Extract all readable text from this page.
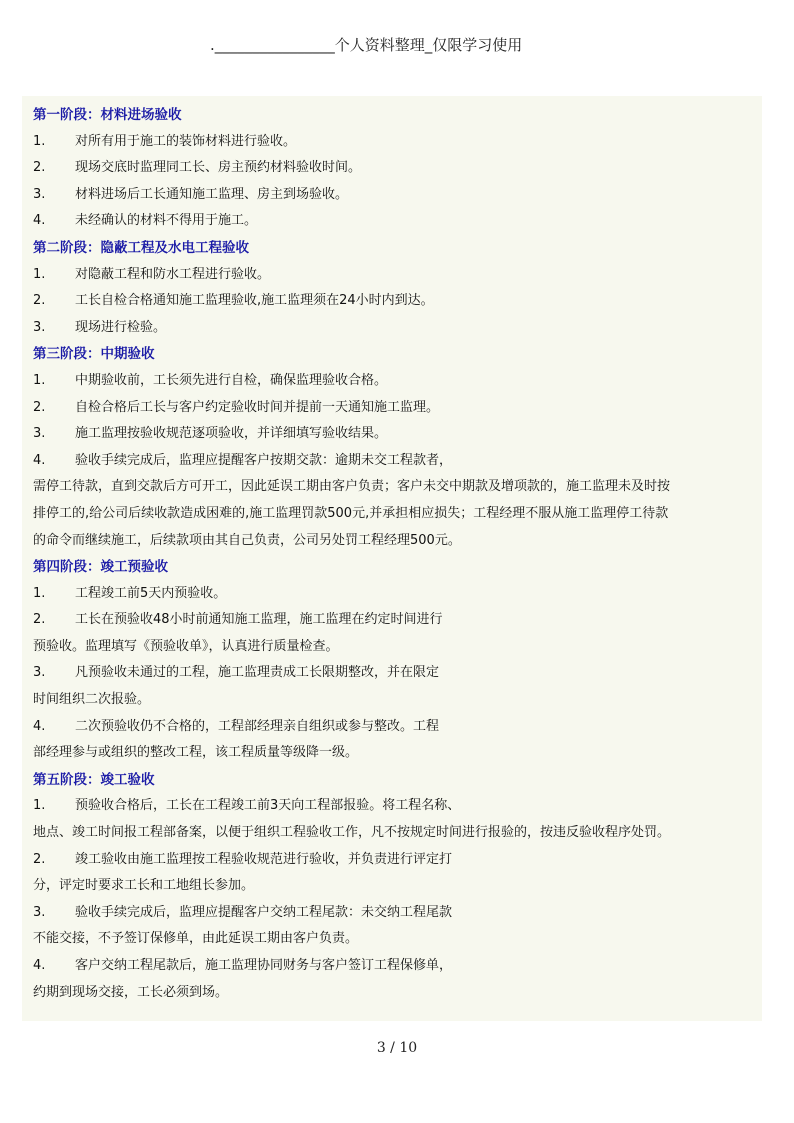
.________________个人资料整理_仅限学习使用
第一阶段：材料进场验收
1. 对所有用于施工的装饰材料进行验收。
2. 现场交底时监理同工长、房主预约材料验收时间。
3. 材料进场后工长通知施工监理、房主到场验收。
4. 未经确认的材料不得用于施工。
第二阶段：隐蔽工程及水电工程验收
1. 对隐蔽工程和防水工程进行验收。
2. 工长自检合格通知施工监理验收,施工监理须在24小时内到达。
3. 现场进行检验。
第三阶段：中期验收
1. 中期验收前，工长须先进行自检，确保监理验收合格。
2. 自检合格后工长与客户约定验收时间并提前一天通知施工监理。
3. 施工监理按验收规范逐项验收，并详细填写验收结果。
4. 验收手续完成后，监理应提醒客户按期交款：逾期未交工程款者，
需停工待款，直到交款后方可开工，因此延误工期由客户负责；客户未交中期款及增项款的，施工监理未及时按
排停工的,给公司后续收款造成困难的,施工监理罚款500元,并承担相应损失；工程经理不服从施工监理停工待款
的命令而继续施工，后续款项由其自己负责，公司另处罚工程经理500元。
第四阶段：竣工预验收
1. 工程竣工前5天内预验收。
2. 工长在预验收48小时前通知施工监理，施工监理在约定时间进行
预验收。监理填写《预验收单》，认真进行质量检查。
3. 凡预验收未通过的工程，施工监理责成工长限期整改，并在限定
时间组织二次报验。
4. 二次预验收仍不合格的，工程部经理亲自组织或参与整改。工程
部经理参与或组织的整改工程，该工程质量等级降一级。
第五阶段：竣工验收
1. 预验收合格后，工长在工程竣工前3天向工程部报验。将工程名称、
地点、竣工时间报工程部备案，以便于组织工程验收工作，凡不按规定时间进行报验的，按违反验收程序处罚。
2. 竣工验收由施工监理按工程验收规范进行验收，并负责进行评定打
分，评定时要求工长和工地组长参加。
3. 验收手续完成后，监理应提醒客户交纳工程尾款：未交纳工程尾款
不能交接，不予签订保修单，由此延误工期由客户负责。
4. 客户交纳工程尾款后，施工监理协同财务与客户签订工程保修单，
约期到现场交接，工长必须到场。
3 / 10
